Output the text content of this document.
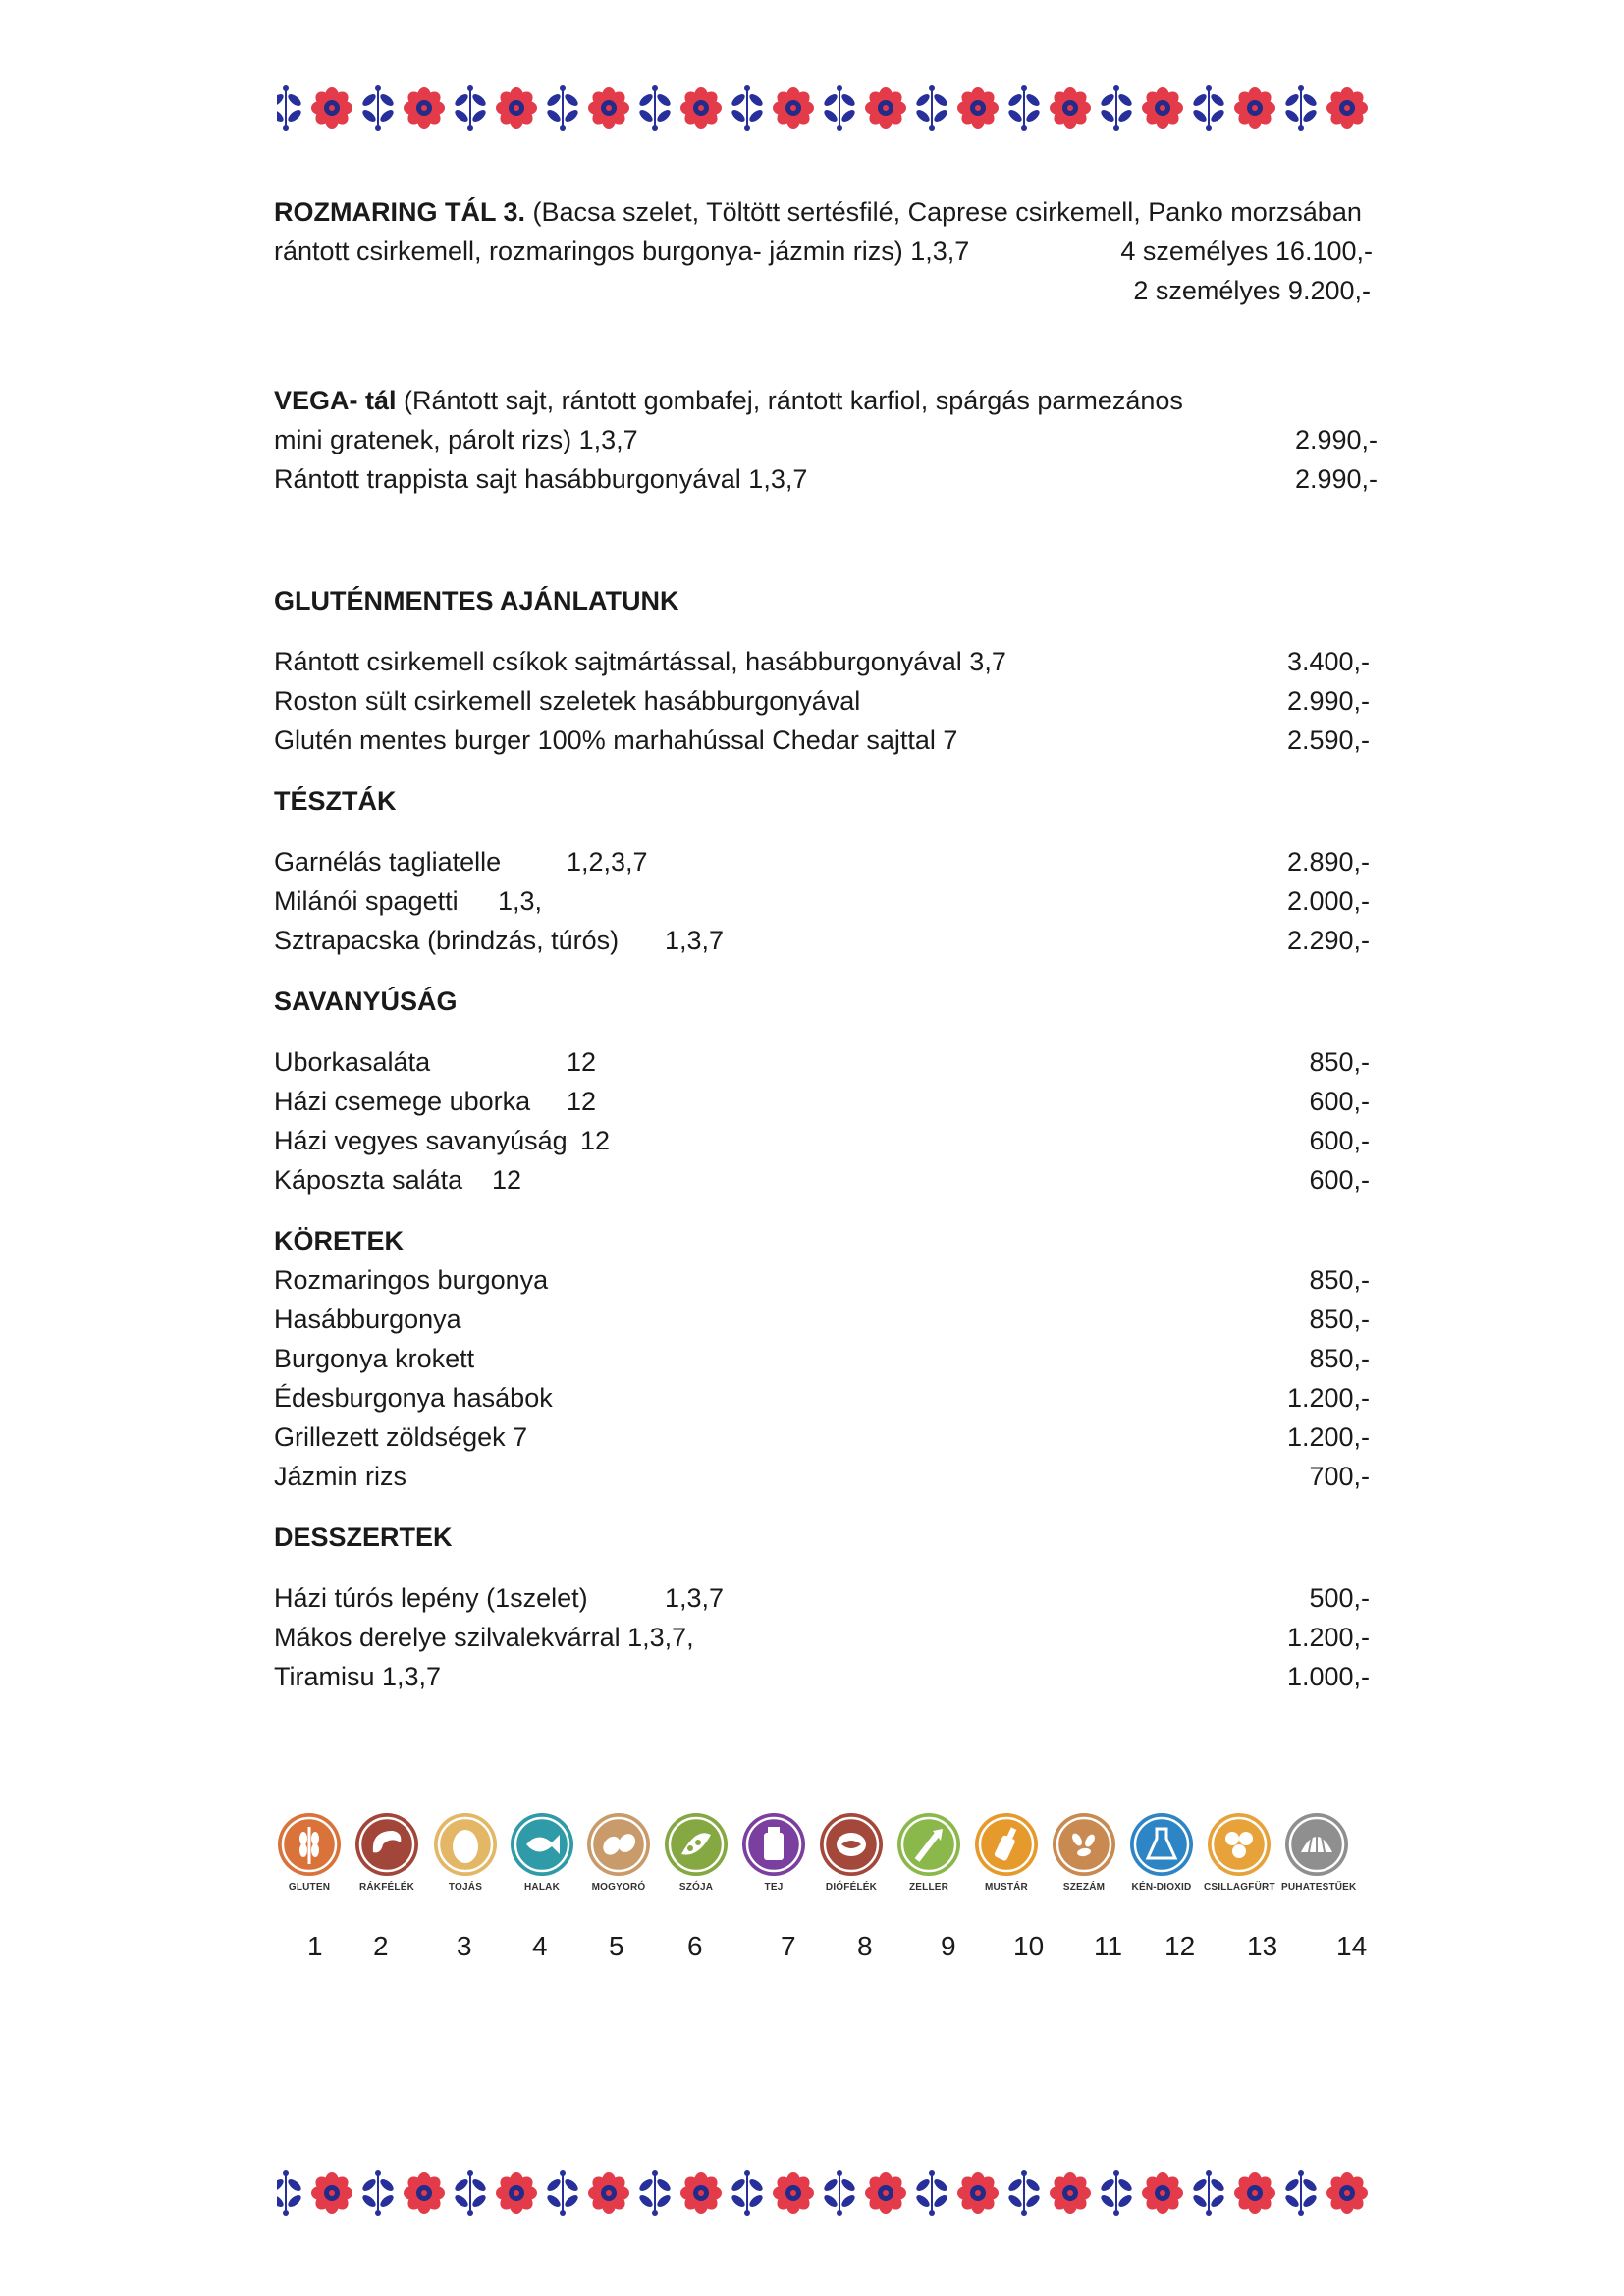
ROZMARING TÁL 3. (Bacsa szelet, Töltött sertésfilé, Caprese csirkemell, Panko morzsában
rántott csirkemell, rozmaringos burgonya- jázmin rizs) 1,3,7	4 személyes 16.100,-
2 személyes 9.200,-
VEGA- tál (Rántott sajt, rántott gombafej, rántott karfiol, spárgás parmezános
mini gratenek, párolt rizs) 1,3,7	2.990,-
Rántott trappista sajt hasábburgonyával 1,3,7	2.990,-
GLUTÉNMENTES AJÁNLATUNK
Rántott csirkemell csíkok sajtmártással, hasábburgonyával 3,7	3.400,-
Roston sült csirkemell szeletek hasábburgonyával	2.990,-
Glutén mentes burger 100% marhahússal Chedar sajttal 7	2.590,-
TÉSZTÁK
Garnélás tagliatelle 1,2,3,7	2.890,-
Milánói spagetti 1,3,	2.000,-
Sztrapacska (brindzás, túrós) 1,3,7	2.290,-
SAVANYÚSÁG
Uborkasaláta	12	850,-
Házi csemege uborka 12	600,-
Házi vegyes savanyúság 12	600,-
Káposzta saláta 12	600,-
KÖRETEK
Rozmaringos burgonya	850,-
Hasábburgonya	850,-
Burgonya krokett	850,-
Édesburgonya hasábok	1.200,-
Grillezett zöldségek 7	1.200,-
Jázmin rizs	700,-
DESSZERTEK
Házi túrós lepény (1szelet)	1,3,7	500,-
Mákos derelye szilvalekvárral 1,3,7,	1.200,-
Tiramisu 1,3,7	1.000,-
GLUTEN	RÁKFÉLÉK	TOJÁS	HALAK	MOGYORÓ	SZÓJA	TEJ	DIÓFÉLÉK	ZELLER	MUSTÁR	SZEZÁM	KÉN-DIOXID	CSILLAGFÜRT PUHATESTŰEK
1 2 3 4 5 6	7 8 9 10 11 12 13 14
